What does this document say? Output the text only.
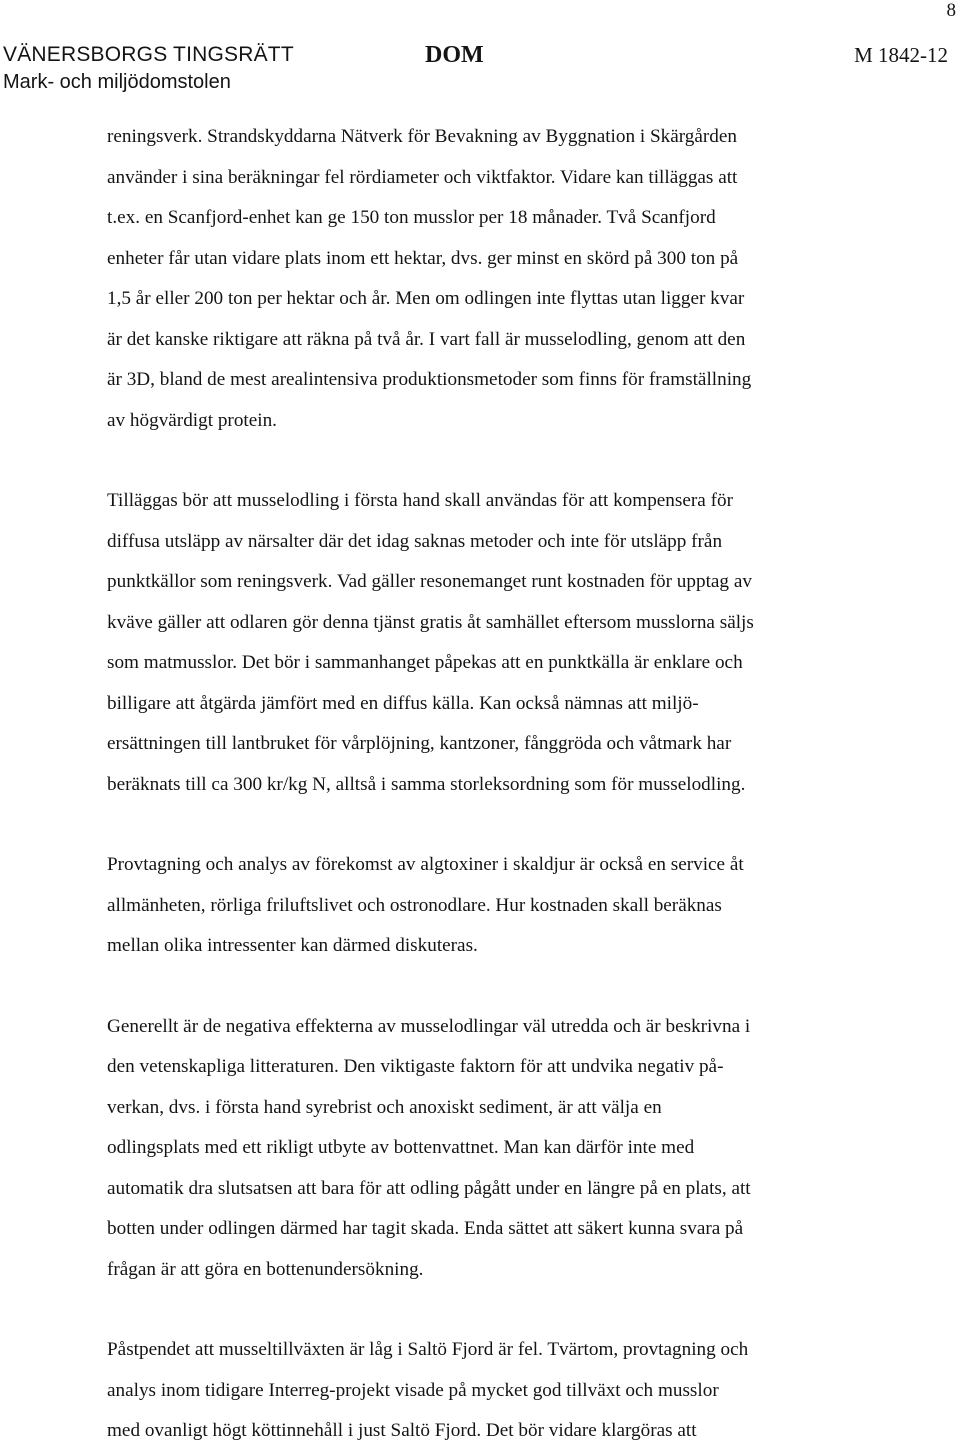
8
VÄNERSBORGS TINGSRÄTT
Mark- och miljödomstolen
DOM	M 1842-12

reningsverk. Strandskyddarna Nätverk för Bevakning av Byggnation i Skärgården
använder i sina beräkningar fel rördiameter och viktfaktor. Vidare kan tilläggas att
t.ex. en Scanfjord-enhet kan ge 150 ton musslor per 18 månader. Två Scanfjord
enheter får utan vidare plats inom ett hektar, dvs. ger minst en skörd på 300 ton på
1,5 år eller 200 ton per hektar och år. Men om odlingen inte flyttas utan ligger kvar
är det kanske riktigare att räkna på två år. I vart fall är musselodling, genom att den
är 3D, bland de mest arealintensiva produktionsmetoder som finns för framställning
av högvärdigt protein.

Tilläggas bör att musselodling i första hand skall användas för att kompensera för
diffusa utsläpp av närsalter där det idag saknas metoder och inte för utsläpp från
punktkällor som reningsverk. Vad gäller resonemanget runt kostnaden för upptag av
kväve gäller att odlaren gör denna tjänst gratis åt samhället eftersom musslorna säljs
som matmusslor. Det bör i sammanhanget påpekas att en punktkälla är enklare och
billigare att åtgärda jämfört med en diffus källa. Kan också nämnas att miljö-
ersättningen till lantbruket för vårplöjning, kantzoner, fånggröda och våtmark har
beräknats till ca 300 kr/kg N, alltså i samma storleksordning som för musselodling.

Provtagning och analys av förekomst av algtoxiner i skaldjur är också en service åt
allmänheten, rörliga friluftslivet och ostronodlare. Hur kostnaden skall beräknas
mellan olika intressenter kan därmed diskuteras.

Generellt är de negativa effekterna av musselodlingar väl utredda och är beskrivna i
den vetenskapliga litteraturen. Den viktigaste faktorn för att undvika negativ på-
verkan, dvs. i första hand syrebrist och anoxiskt sediment, är att välja en
odlingsplats med ett rikligt utbyte av bottenvattnet. Man kan därför inte med
automatik dra slutsatsen att bara för att odling pågått under en längre på en plats, att
botten under odlingen därmed har tagit skada. Enda sättet att säkert kunna svara på
frågan är att göra en bottenundersökning.

Påstpendet att musseltillväxten är låg i Saltö Fjord är fel. Tvärtom, provtagning och
analys inom tidigare Interreg-projekt visade på mycket god tillväxt och musslor
med ovanligt högt köttinnehåll i just Saltö Fjord. Det bör vidare klargöras att
